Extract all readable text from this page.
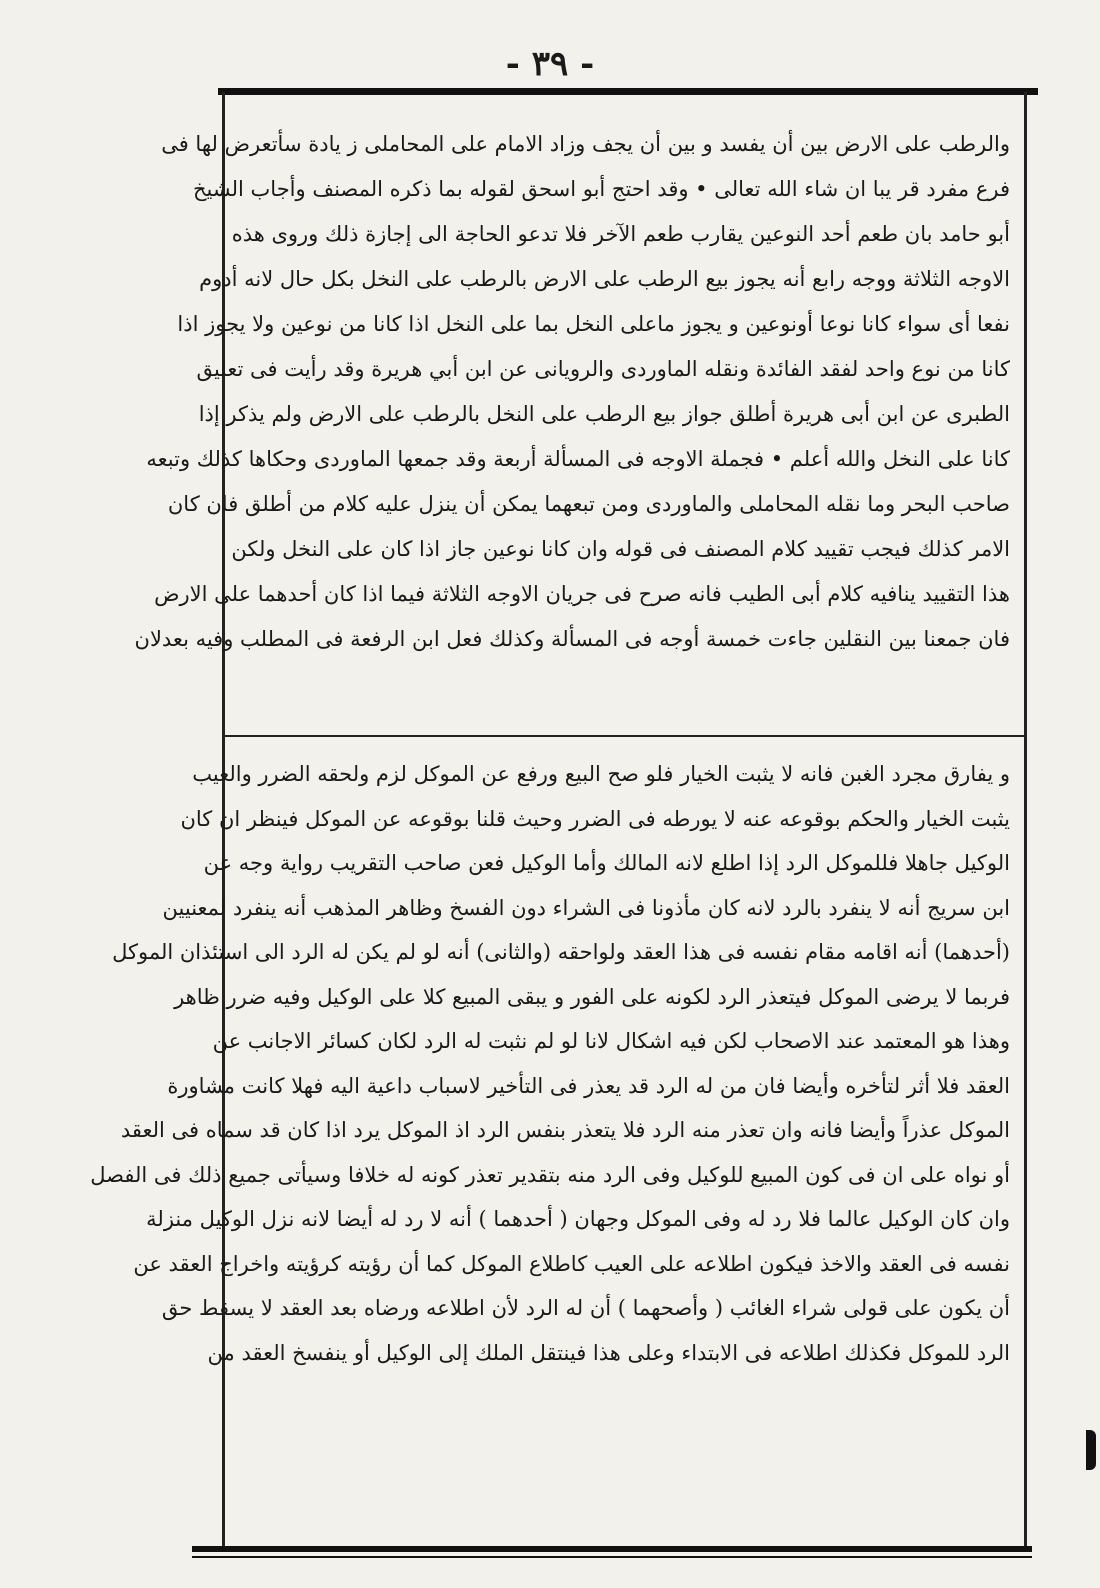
- ٣٩ -
والرطب على الارض بين أن يفسد و بين أن يجف وزاد الامام على المحاملى ز يادة سأتعرض لها فى
فرع مفرد قر يبا ان شاء الله تعالى • وقد احتج أبو اسحق لقوله بما ذكره المصنف وأجاب الشيخ
أبو حامد بان طعم أحد النوعين يقارب طعم الآخر فلا تدعو الحاجة الى إجازة ذلك وروى هذه
الاوجه الثلاثة ووجه رابع أنه يجوز بيع الرطب على الارض بالرطب على النخل بكل حال لانه أدوم
نفعا أى سواء كانا نوعا أونوعين و يجوز ماعلى النخل بما على النخل اذا كانا من نوعين ولا يجوز اذا
كانا من نوع واحد لفقد الفائدة ونقله الماوردى والرويانى عن ابن أبي هريرة وقد رأيت فى تعليق
الطبرى عن ابن أبى هريرة أطلق جواز بيع الرطب على النخل بالرطب على الارض ولم يذكر إذا
كانا على النخل والله أعلم • فجملة الاوجه فى المسألة أربعة وقد جمعها الماوردى وحكاها كذلك وتبعه
صاحب البحر وما نقله المحاملى والماوردى ومن تبعهما يمكن أن ينزل عليه كلام من أطلق فان كان
الامر كذلك فيجب تقييد كلام المصنف فى قوله وان كانا نوعين جاز اذا كان على النخل ولكن
هذا التقييد ينافيه كلام أبى الطيب فانه صرح فى جريان الاوجه الثلاثة فيما اذا كان أحدهما على الارض
فان جمعنا بين النقلين جاءت خمسة أوجه فى المسألة وكذلك فعل ابن الرفعة فى المطلب وفيه بعدلان
و يفارق مجرد الغبن فانه لا يثبت الخيار فلو صح البيع ورفع عن الموكل لزم ولحقه الضرر والعيب
يثبت الخيار والحكم بوقوعه عنه لا يورطه فى الضرر وحيث قلنا بوقوعه عن الموكل فينظر ان كان
الوكيل جاهلا فللموكل الرد إذا اطلع لانه المالك وأما الوكيل فعن صاحب التقريب رواية وجه عن
ابن سريج أنه لا ينفرد بالرد لانه كان مأذونا فى الشراء دون الفسخ وظاهر المذهب أنه ينفرد لمعنيين
(أحدهما) أنه اقامه مقام نفسه فى هذا العقد ولواحقه (والثانى) أنه لو لم يكن له الرد الى استئذان الموكل
فربما لا يرضى الموكل فيتعذر الرد لكونه على الفور و يبقى المبيع كلا على الوكيل وفيه ضرر ظاهر
وهذا هو المعتمد عند الاصحاب لكن فيه اشكال لانا لو لم نثبت له الرد لكان كسائر الاجانب عن
العقد فلا أثر لتأخره وأيضا فان من له الرد قد يعذر فى التأخير لاسباب داعية اليه فهلا كانت مشاورة
الموكل عذراً وأيضا فانه وان تعذر منه الرد فلا يتعذر بنفس الرد اذ الموكل يرد اذا كان قد سماه فى العقد
أو نواه على ان فى كون المبيع للوكيل وفى الرد منه بتقدير تعذر كونه له خلافا وسيأتى جميع ذلك فى الفصل
وان كان الوكيل عالما فلا رد له وفى الموكل وجهان ( أحدهما ) أنه لا رد له أيضا لانه نزل الوكيل منزلة
نفسه فى العقد والاخذ فيكون اطلاعه على العيب كاطلاع الموكل كما أن رؤيته كرؤيته واخراج العقد عن
أن يكون على قولى شراء الغائب ( وأصحهما ) أن له الرد لأن اطلاعه ورضاه بعد العقد لا يسقط حق
الرد للموكل فكذلك اطلاعه فى الابتداء وعلى هذا فينتقل الملك إلى الوكيل أو ينفسخ العقد من
